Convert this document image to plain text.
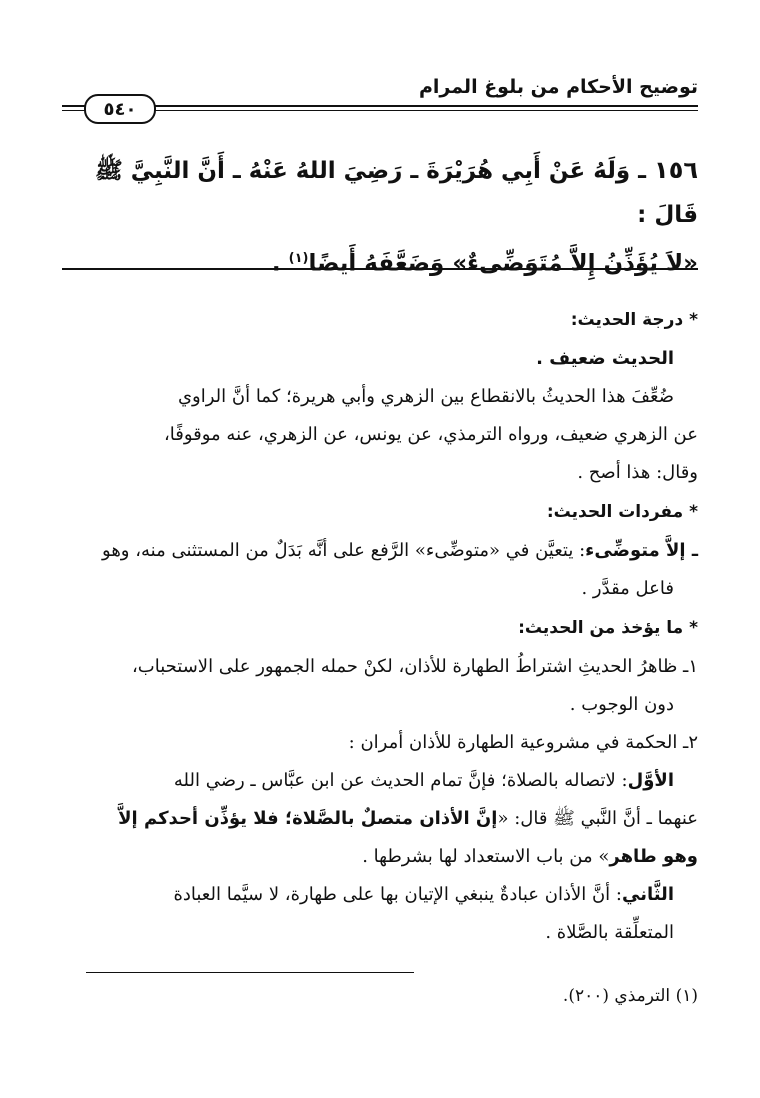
توضيح الأحكام من بلوغ المرام
٥٤٠
١٥٦ ـ وَلَهُ عَنْ أَبِي هُرَيْرَةَ ـ رَضِيَ اللهُ عَنْهُ ـ أَنَّ النَّبِيَّ ﷺ قَالَ :
«لاَ يُؤَذِّنُ إِلاَّ مُتَوَضِّىءٌ» وَضَعَّفَهُ أَيضًا$^{(١)}$ .

* درجة الحديث:

الحديث ضعيف .

ضُعِّفَ هذا الحديثُ بالانقطاع بين الزهري وأبي هريرة؛ كما أنَّ الراوي

عن الزهري ضعيف، ورواه الترمذي، عن يونس، عن الزهري، عنه موقوفًا،

وقال: هذا أصح .

* مفردات الحديث:

ـ إلاَّ متوضِّىء: يتعيَّن في «متوضِّىء» الرَّفع على أنَّه بَدَلٌ من المستثنى منه، وهو

فاعل مقدَّر .

* ما يؤخذ من الحديث:

١ـ ظاهرُ الحديثِ اشتراطُ الطهارة للأذان، لكنْ حمله الجمهور على الاستحباب،

دون الوجوب .

٢ـ الحكمة في مشروعية الطهارة للأذان أمران :

الأوَّل: لاتصاله بالصلاة؛ فإنَّ تمام الحديث عن ابن عبَّاس ـ رضي الله

عنهما ـ أنَّ النَّبي ﷺ قال: «إنَّ الأذان متصلٌ بالصَّلاة؛ فلا يؤذِّن أحدكم إلاَّ

وهو طاهر» من باب الاستعداد لها بشرطها .

الثَّاني: أنَّ الأذان عبادةٌ ينبغي الإتيان بها على طهارة، لا سيَّما العبادة

المتعلِّقة بالصَّلاة .

(١) الترمذي (٢٠٠).
